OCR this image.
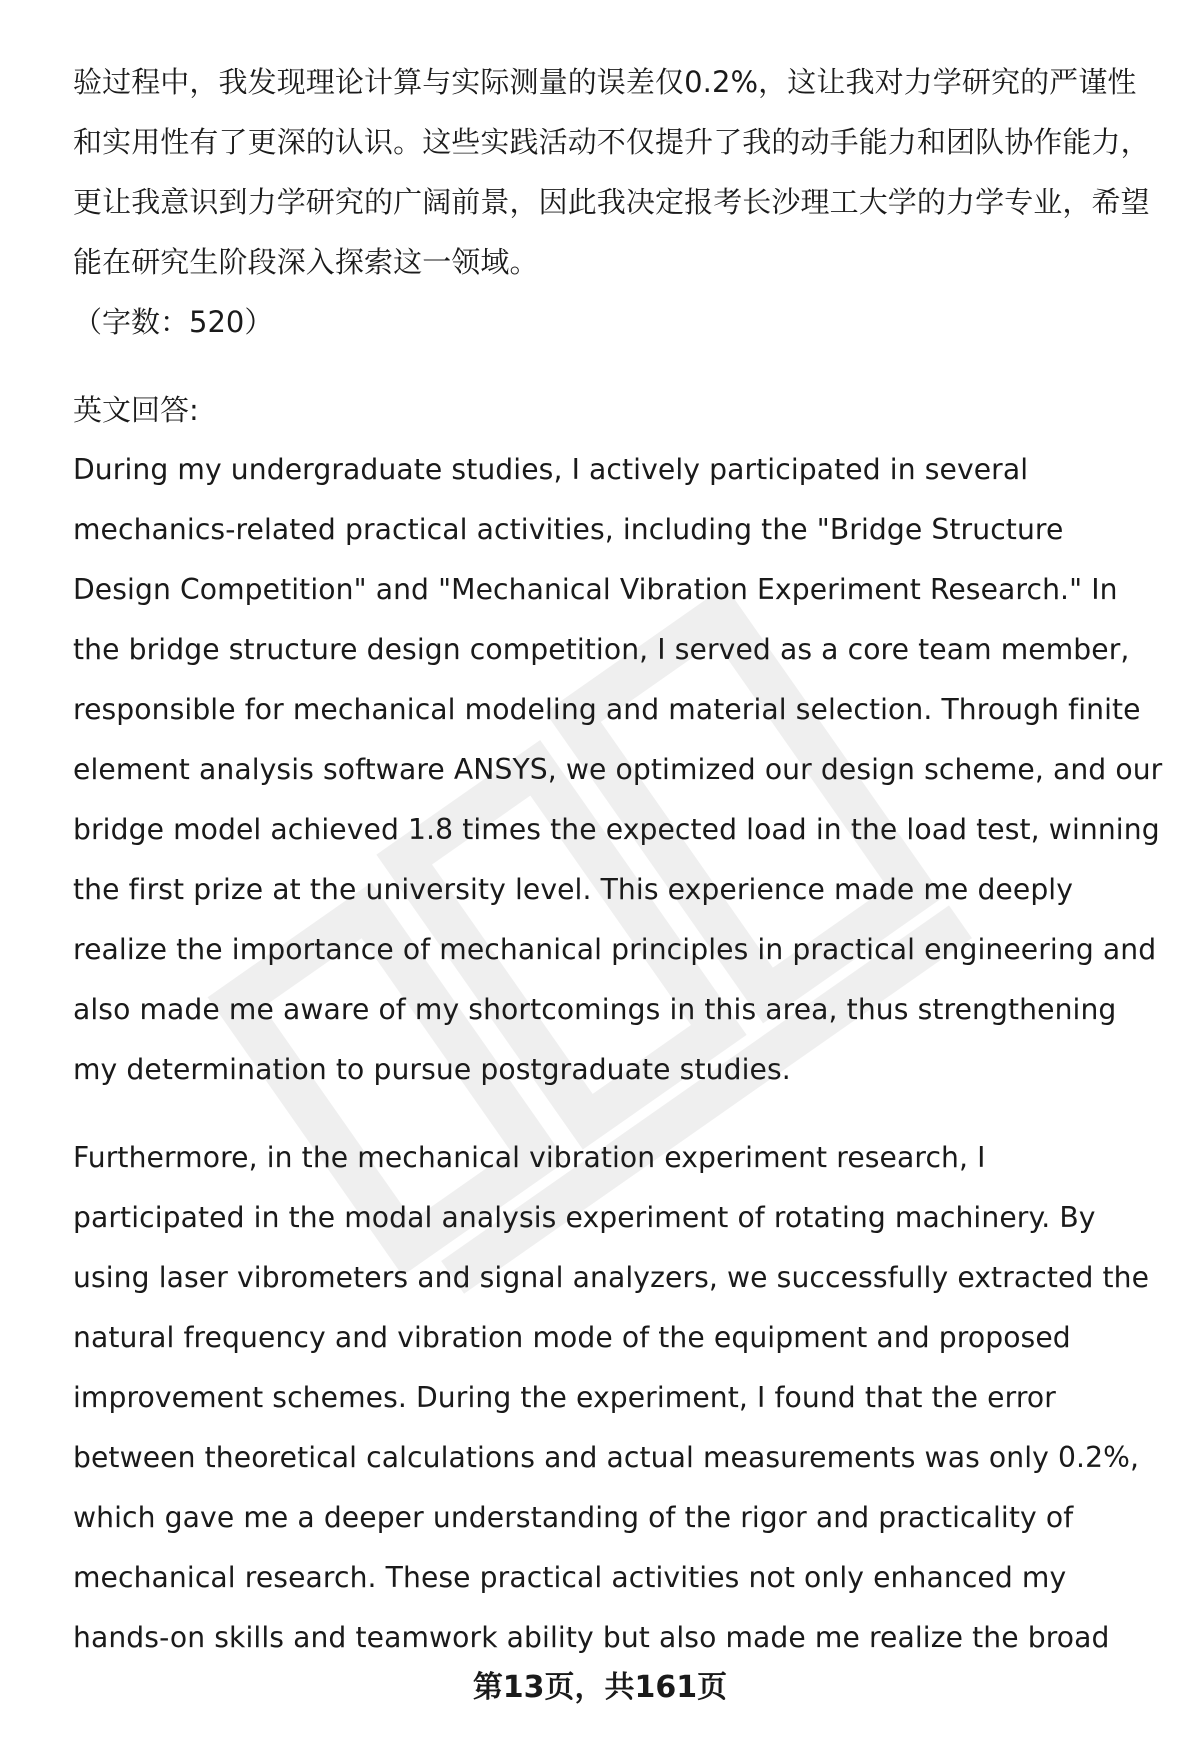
验过程中，我发现理论计算与实际测量的误差仅0.2%，这让我对力学研究的严谨性和实用性有了更深的认识。这些实践活动不仅提升了我的动手能力和团队协作能力，更让我意识到力学研究的广阔前景，因此我决定报考长沙理工大学的力学专业，希望能在研究生阶段深入探索这一领域。

（字数：520）

英文回答:

During my undergraduate studies, I actively participated in several mechanics-related practical activities, including the "Bridge Structure Design Competition" and "Mechanical Vibration Experiment Research." In the bridge structure design competition, I served as a core team member, responsible for mechanical modeling and material selection. Through finite element analysis software ANSYS, we optimized our design scheme, and our bridge model achieved 1.8 times the expected load in the load test, winning the first prize at the university level. This experience made me deeply realize the importance of mechanical principles in practical engineering and also made me aware of my shortcomings in this area, thus strengthening my determination to pursue postgraduate studies.

Furthermore, in the mechanical vibration experiment research, I participated in the modal analysis experiment of rotating machinery. By using laser vibrometers and signal analyzers, we successfully extracted the natural frequency and vibration mode of the equipment and proposed improvement schemes. During the experiment, I found that the error between theoretical calculations and actual measurements was only 0.2%, which gave me a deeper understanding of the rigor and practicality of mechanical research. These practical activities not only enhanced my hands-on skills and teamwork ability but also made me realize the broad

第13页，共161页
